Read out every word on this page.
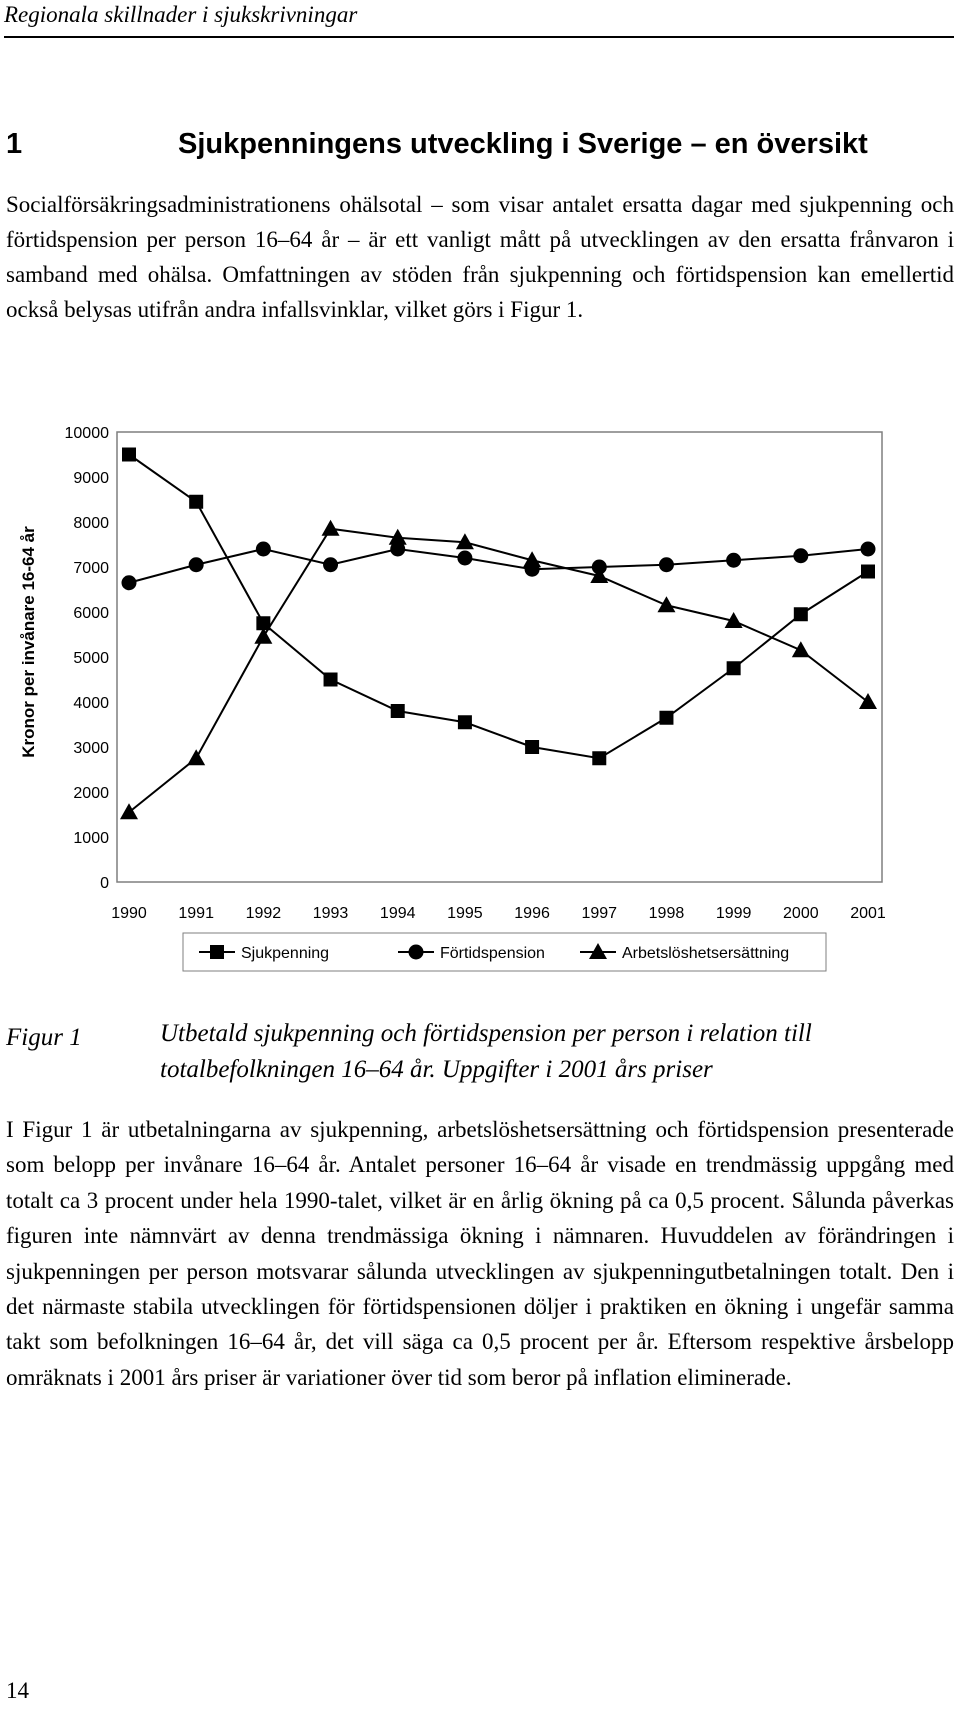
Regionala skillnader i sjukskrivningar
1	Sjukpenningens utveckling i Sverige – en översikt

Socialförsäkringsadministrationens ohälsotal – som visar antalet ersatta dagar med sjukpenning och förtidspension per person 16–64 år – är ett vanligt mått på utvecklingen av den ersatta frånvaron i samband med ohälsa. Omfattningen av stöden från sjukpenning och förtidspension kan emellertid också belysas utifrån andra infallsvinklar, vilket görs i Figur 1.

0
1000
2000
3000
4000
5000
6000
7000
8000
9000
10000
1990 1991 1992 1993 1994 1995 1996 1997 1998 1999 2000 2001
Kronor per invånare 16-64 år
Sjukpenning	Förtidspension	Arbetslöshetsersättning
Figur 1	Utbetald sjukpenning och förtidspension per person i relation till totalbefolkningen 16–64 år. Uppgifter i 2001 års priser

I Figur 1 är utbetalningarna av sjukpenning, arbetslöshetsersättning och förtidspension presenterade som belopp per invånare 16–64 år. Antalet personer 16–64 år visade en trendmässig uppgång med totalt ca 3 procent under hela 1990-talet, vilket är en årlig ökning på ca 0,5 procent. Sålunda påverkas figuren inte nämnvärt av denna trendmässiga ökning i nämnaren. Huvuddelen av förändringen i sjukpenningen per person motsvarar sålunda utvecklingen av sjukpenningutbetalningen totalt. Den i det närmaste stabila utvecklingen för förtidspensionen döljer i praktiken en ökning i ungefär samma takt som befolkningen 16–64 år, det vill säga ca 0,5 procent per år. Eftersom respektive årsbelopp omräknats i 2001 års priser är variationer över tid som beror på inflation eliminerade.

14
